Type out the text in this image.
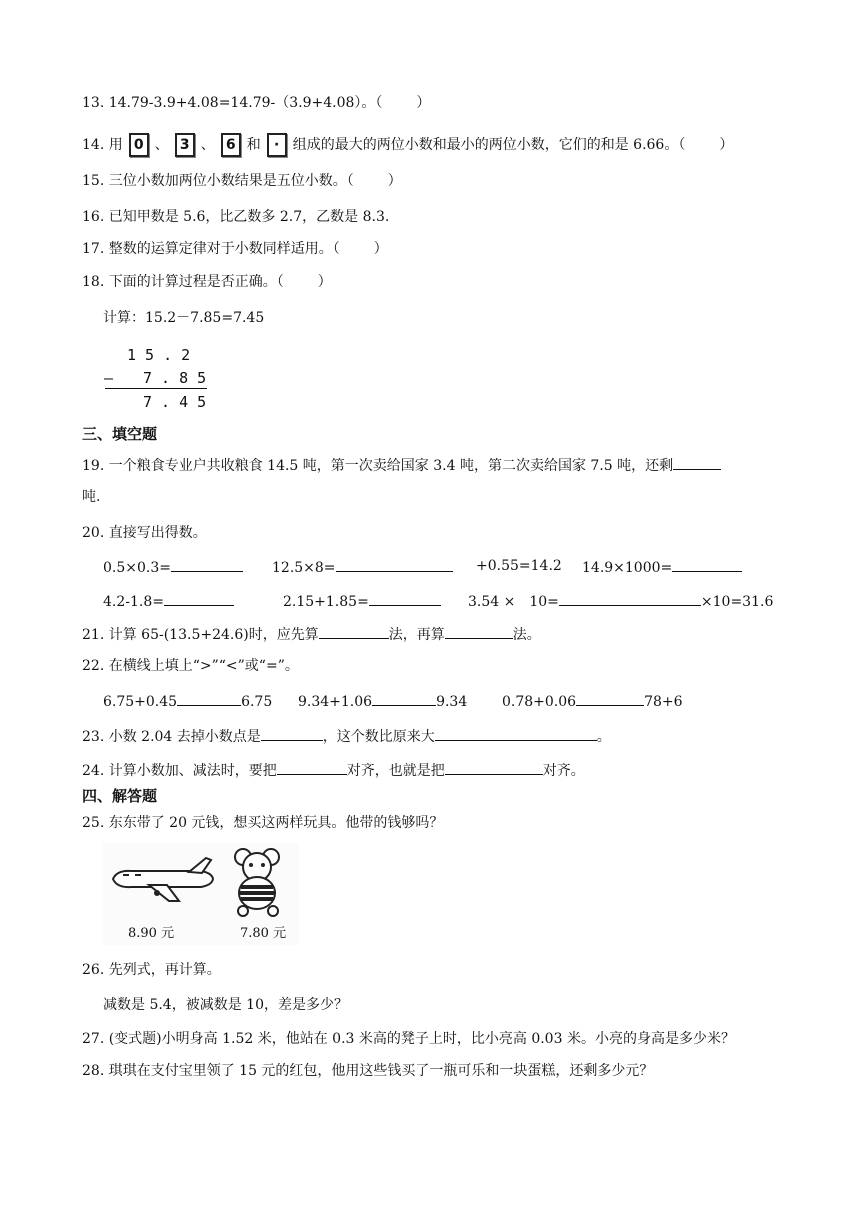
13. 14.79-3.9+4.08=14.79-（3.9+4.08）。（ ）
14. 用 0 、 3 、 6 和 · 组成的最大的两位小数和最小的两位小数，它们的和是 6.66。（ ）
15. 三位小数加两位小数结果是五位小数。（ ）
16. 已知甲数是 5.6，比乙数多 2.7，乙数是 8.3.
17. 整数的运算定律对于小数同样适用。（ ）
18. 下面的计算过程是否正确。（ ）
计算：15.2－7.85=7.45
1 5 . 2
— 7 . 8 5
7 . 4 5
三、填空题
19. 一个粮食专业户共收粮食 14.5 吨，第一次卖给国家 3.4 吨，第二次卖给国家 7.5 吨，还剩
吨.
20. 直接写出得数。
0.5×0.3=	12.5×8=	+0.55=14.2 14.9×1000=
4.2-1.8=	2.15+1.85=	3.54 × 10=	×10=31.6
21. 计算 65-(13.5+24.6)时，应先算	法，再算	法。
22. 在横线上填上“>”“<”或“=”。
6.75+0.45	6.75 9.34+1.06	9.34 0.78+0.06	78+6
23. 小数 2.04 去掉小数点是	，这个数比原来大	。
24. 计算小数加、减法时，要把	对齐，也就是把	对齐。
四、解答题
25. 东东带了 20 元钱，想买这两样玩具。他带的钱够吗？
8.90 元	7.80 元
26. 先列式，再计算。
减数是 5.4，被减数是 10，差是多少？
27. (变式题)小明身高 1.52 米，他站在 0.3 米高的凳子上时，比小亮高 0.03 米。小亮的身高是多少米？
28. 琪琪在支付宝里领了 15 元的红包，他用这些钱买了一瓶可乐和一块蛋糕，还剩多少元？
